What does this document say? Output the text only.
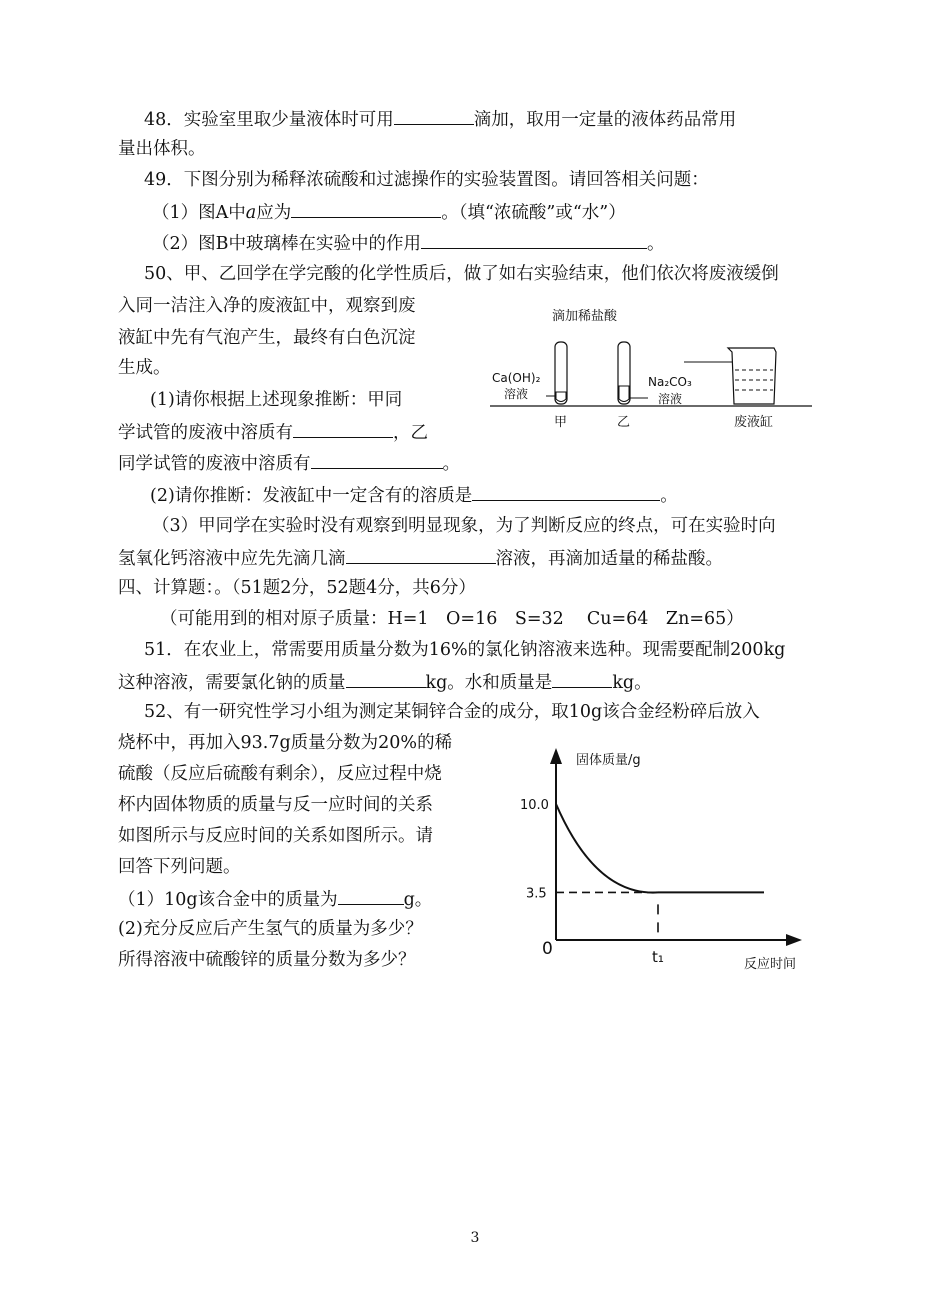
48．实验室里取少量液体时可用	滴加，取用一定量的液体药品常用
量出体积。
49．下图分别为稀释浓硫酸和过滤操作的实验装置图。请回答相关问题：
（1）图A中a应为	。（填“浓硫酸”或“水”）
（2）图B中玻璃棒在实验中的作用	。
50、甲、乙回学在学完酸的化学性质后，做了如右实验结束，他们依次将废液缓倒
入同一洁注入净的废液缸中，观察到废
液缸中先有气泡产生，最终有白色沉淀
生成。
(1)请你根据上述现象推断：甲同
学试管的废液中溶质有	，乙
同学试管的废液中溶质有	。
滴加稀盐酸
Ca(OH)₂
溶液
Na₂CO₃
溶液
甲	乙	废液缸
(2)请你推断：发液缸中一定含有的溶质是	。
（3）甲同学在实验时没有观察到明显现象，为了判断反应的终点，可在实验时向
氢氧化钙溶液中应先先滴几滴	溶液，再滴加适量的稀盐酸。
四、计算题：。（51题2分，52题4分，共6分）
（可能用到的相对原子质量：H=1　O=16　S=32　 Cu=64　Zn=65）
51．在农业上，常需要用质量分数为16%的氯化钠溶液来选种。现需要配制200kg
这种溶液，需要氯化钠的质量	kg。水和质量是	kg。
52、有一研究性学习小组为测定某铜锌合金的成分，取10g该合金经粉碎后放入
烧杯中，再加入93.7g质量分数为20%的稀
硫酸（反应后硫酸有剩余），反应过程中烧
杯内固体物质的质量与反一应时间的关系
如图所示与反应时间的关系如图所示。请
回答下列问题。
（1）10g该合金中的质量为	g。
(2)充分反应后产生氢气的质量为多少？
所得溶液中硫酸锌的质量分数为多少？
固体质量/g
反应时间
0
10.0
3.5
t₁
3
